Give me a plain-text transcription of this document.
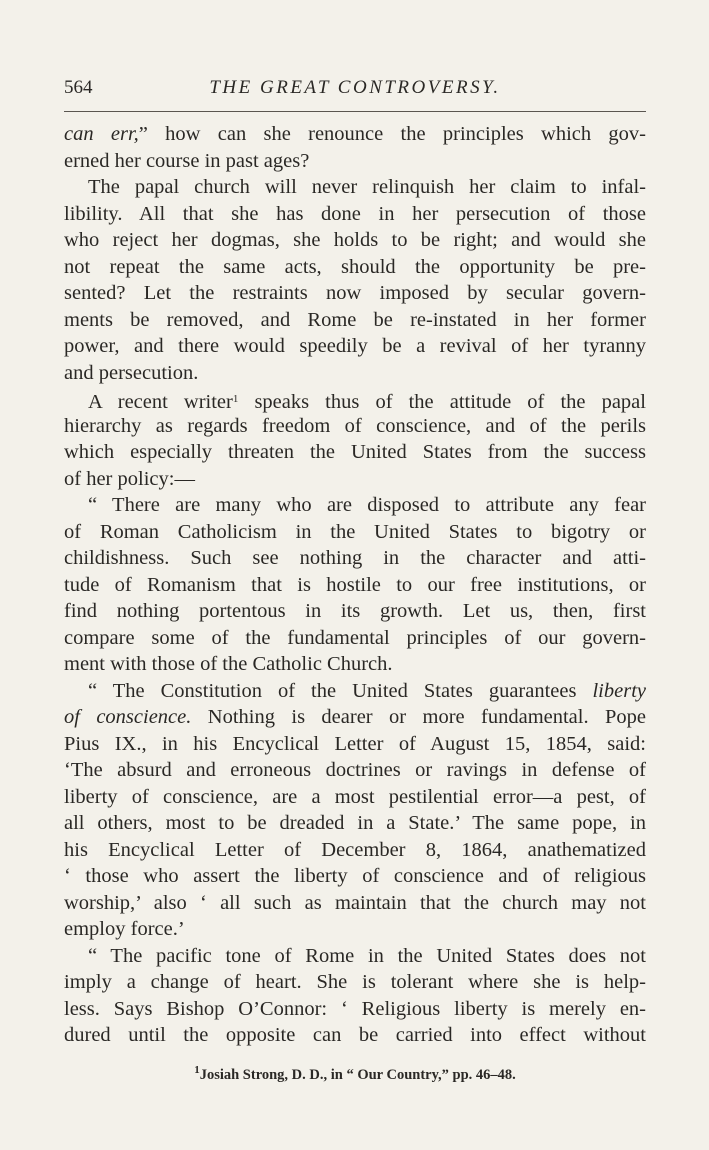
564	THE GREAT CONTROVERSY.
can err,” how can she renounce the principles which gov-
erned her course in past ages?
The papal church will never relinquish her claim to infal-
libility. All that she has done in her persecution of those
who reject her dogmas, she holds to be right; and would she
not repeat the same acts, should the opportunity be pre-
sented? Let the restraints now imposed by secular govern-
ments be removed, and Rome be re-instated in her former
power, and there would speedily be a revival of her tyranny
and persecution.
A recent writer$^1$ speaks thus of the attitude of the papal
hierarchy as regards freedom of conscience, and of the perils
which especially threaten the United States from the success
of her policy:—
“ There are many who are disposed to attribute any fear
of Roman Catholicism in the United States to bigotry or
childishness. Such see nothing in the character and atti-
tude of Romanism that is hostile to our free institutions, or
find nothing portentous in its growth. Let us, then, first
compare some of the fundamental principles of our govern-
ment with those of the Catholic Church.
“ The Constitution of the United States guarantees liberty
of conscience. Nothing is dearer or more fundamental. Pope
Pius IX., in his Encyclical Letter of August 15, 1854, said:
‘The absurd and erroneous doctrines or ravings in defense of
liberty of conscience, are a most pestilential error—a pest, of
all others, most to be dreaded in a State.’ The same pope, in
his Encyclical Letter of December 8, 1864, anathematized
‘ those who assert the liberty of conscience and of religious
worship,’ also ‘ all such as maintain that the church may not
employ force.’
“ The pacific tone of Rome in the United States does not
imply a change of heart. She is tolerant where she is help-
less. Says Bishop O’Connor: ‘ Religious liberty is merely en-
dured until the opposite can be carried into effect without
$^1$Josiah Strong, D. D., in “ Our Country,” pp. 46–48.
